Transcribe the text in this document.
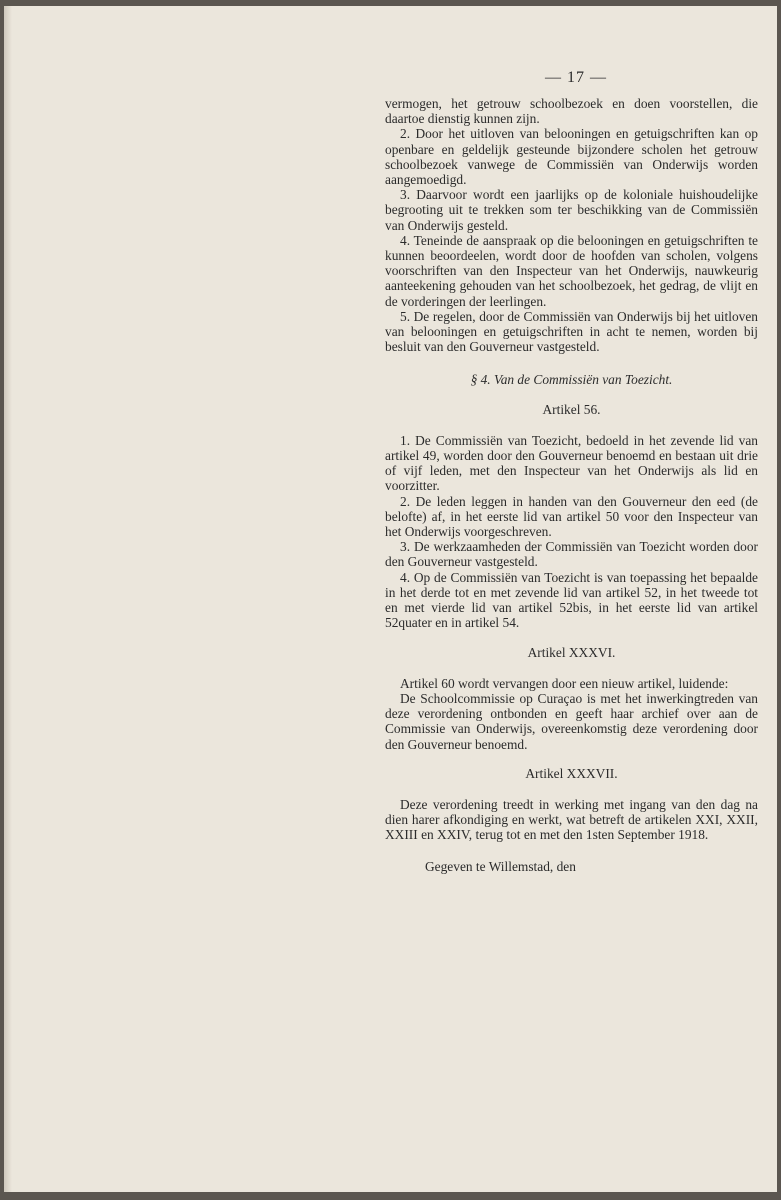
— 17 —

vermogen, het getrouw schoolbezoek en doen voorstellen, die daartoe dienstig kunnen zijn.

2. Door het uitloven van belooningen en getuigschriften kan op openbare en geldelijk gesteunde bijzondere scholen het getrouw schoolbezoek vanwege de Commissiën van Onderwijs worden aangemoedigd.

3. Daarvoor wordt een jaarlijks op de koloniale huishoudelijke begrooting uit te trekken som ter beschikking van de Commissiën van Onderwijs gesteld.

4. Teneinde de aanspraak op die belooningen en getuigschriften te kunnen beoordeelen, wordt door de hoofden van scholen, volgens voorschriften van den Inspecteur van het Onderwijs, nauwkeurig aanteekening gehouden van het schoolbezoek, het gedrag, de vlijt en de vorderingen der leerlingen.

5. De regelen, door de Commissiën van Onderwijs bij het uitloven van belooningen en getuigschriften in acht te nemen, worden bij besluit van den Gouverneur vastgesteld.

§ 4. Van de Commissiën van Toezicht.

Artikel 56.

1. De Commissiën van Toezicht, bedoeld in het zevende lid van artikel 49, worden door den Gouverneur benoemd en bestaan uit drie of vijf leden, met den Inspecteur van het Onderwijs als lid en voorzitter.

2. De leden leggen in handen van den Gouverneur den eed (de belofte) af, in het eerste lid van artikel 50 voor den Inspecteur van het Onderwijs voorgeschreven.

3. De werkzaamheden der Commissiën van Toezicht worden door den Gouverneur vastgesteld.

4. Op de Commissiën van Toezicht is van toepassing het bepaalde in het derde tot en met zevende lid van artikel 52, in het tweede tot en met vierde lid van artikel 52bis, in het eerste lid van artikel 52quater en in artikel 54.

Artikel XXXVI.

Artikel 60 wordt vervangen door een nieuw artikel, luidende:

De Schoolcommissie op Curaçao is met het inwerkingtreden van deze verordening ontbonden en geeft haar archief over aan de Commissie van Onderwijs, overeenkomstig deze verordening door den Gouverneur benoemd.

Artikel XXXVII.

Deze verordening treedt in werking met ingang van den dag na dien harer afkondiging en werkt, wat betreft de artikelen XXI, XXII, XXIII en XXIV, terug tot en met den 1sten September 1918.

Gegeven te Willemstad, den
